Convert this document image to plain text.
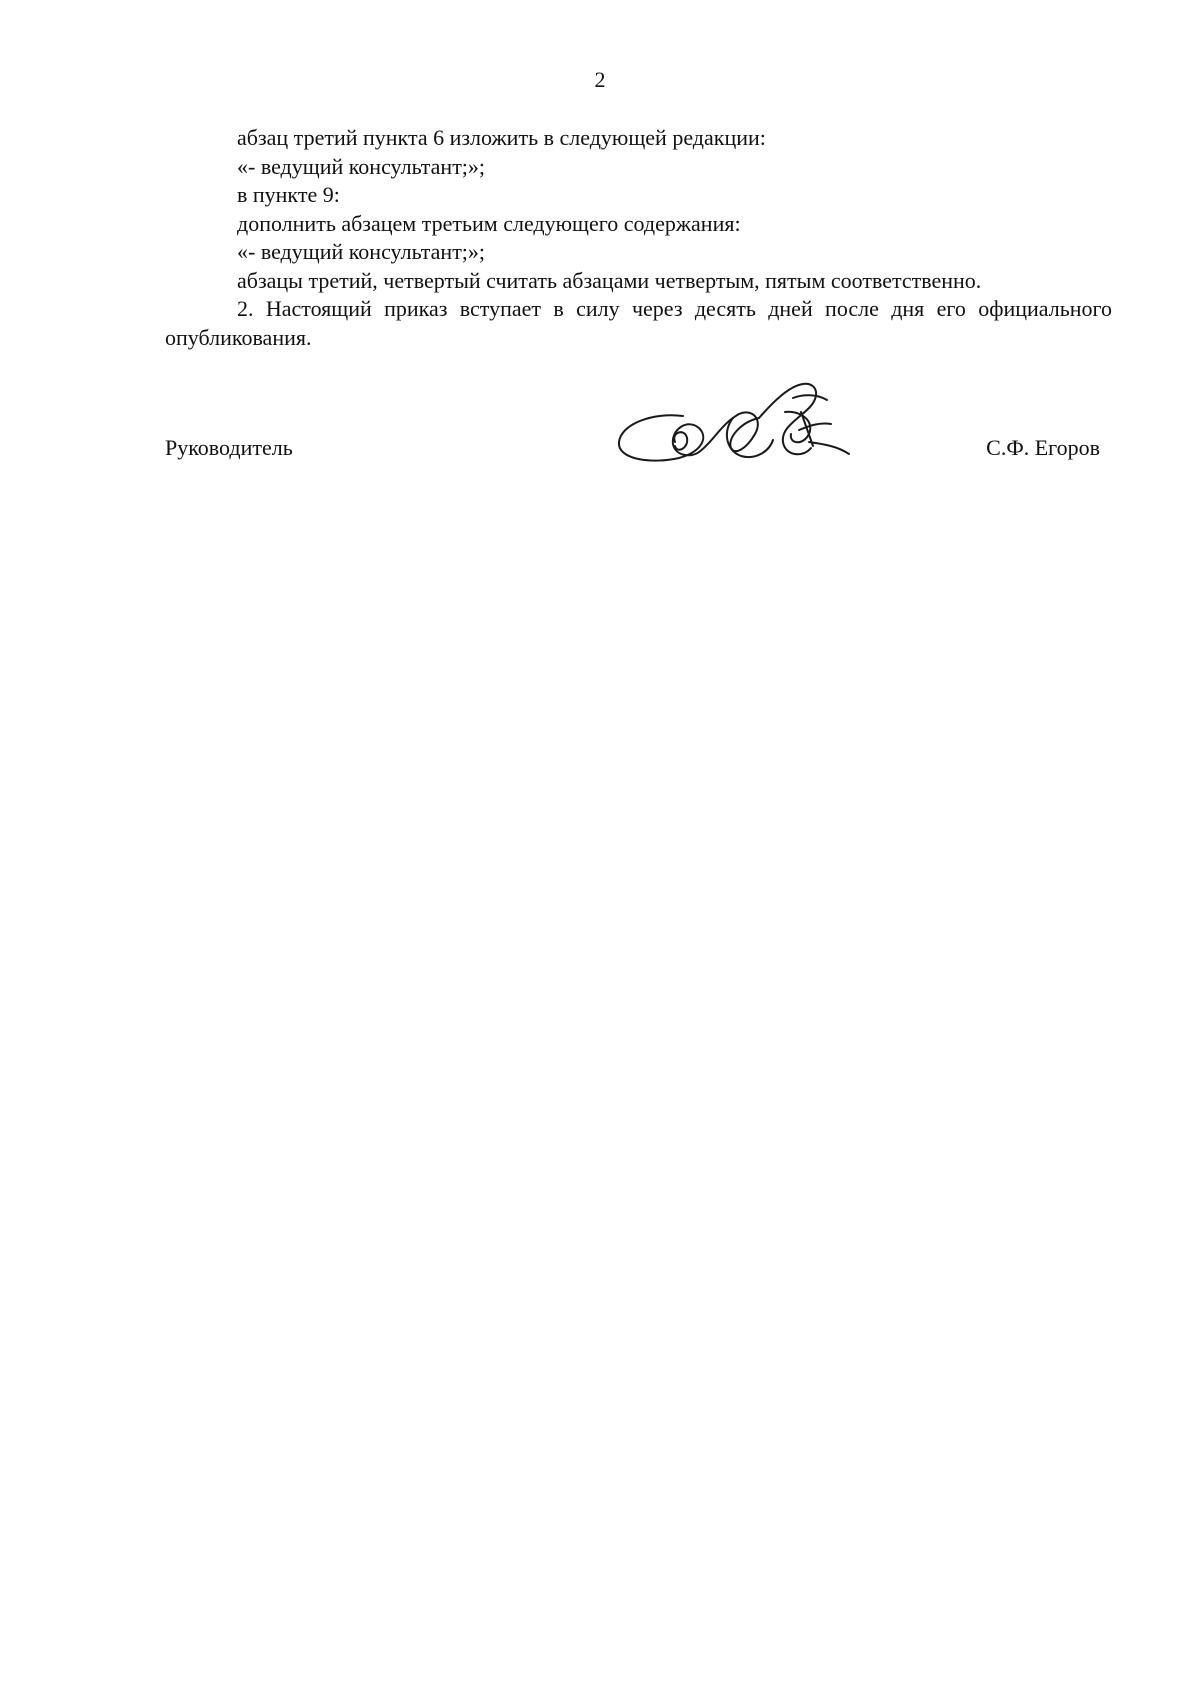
2

абзац третий пункта 6 изложить в следующей редакции:

«- ведущий консультант;»;

в пункте 9:

дополнить абзацем третьим следующего содержания:

«- ведущий консультант;»;

абзацы третий, четвертый считать абзацами четвертым, пятым соответственно.

2. Настоящий приказ вступает в силу через десять дней после дня его официального опубликования.

Руководитель	С.Ф. Егоров
